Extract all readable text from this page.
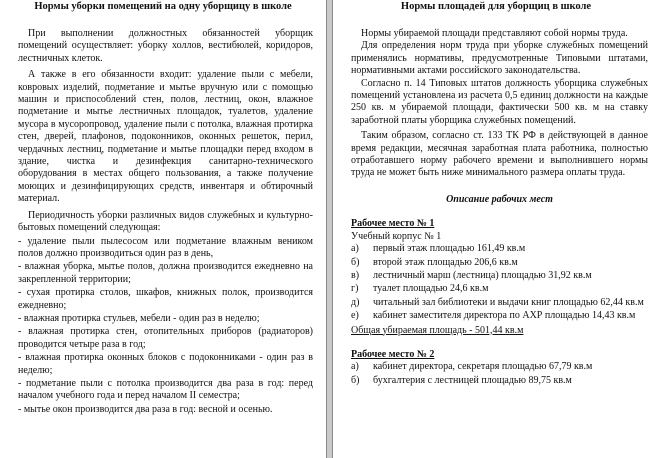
Нормы уборки помещений на одну уборщицу в школе
При выполнении должностных обязанностей уборщик помещений осуществляет: уборку холлов, вестибюлей, коридоров, лестничных клеток.
А также в его обязанности входит: удаление пыли с мебели, ковровых изделий, подметание и мытье вручную или с помощью машин и приспособлений стен, полов, лестниц, окон, влажное подметание и мытье лестничных площадок, туалетов, удаление мусора в мусоропровод, удаление пыли с потолка, влажная протирка стен, дверей, плафонов, подоконников, оконных решеток, перил, чердачных лестниц, подметание и мытье площадки перед входом в здание, чистка и дезинфекция санитарно-технического оборудования в местах общего пользования, а также получение моющих и дезинфицирующих средств, инвентаря и обтирочный материал.
Периодичность уборки различных видов служебных и культурно-бытовых помещений следующая:
- удаление пыли пылесосом или подметание влажным веником полов должно производиться один раз в день,
- влажная уборка, мытье полов, должна производится ежедневно на закрепленной территории;
- сухая протирка столов, шкафов, книжных полок, производится ежедневно;
- влажная протирка стульев, мебели - один раз в неделю;
- влажная протирка стен, отопительных приборов (радиаторов) проводится четыре раза в год;
- влажная протирка оконных блоков с подоконниками - один раз в неделю;
- подметание пыли с потолка производится два раза в год: перед началом учебного года и перед началом II семестра;
- мытье окон производится два раза в год: весной и осенью.
Нормы площадей для уборщиц в школе
Нормы убираемой площади представляют собой нормы труда.
Для определения норм труда при уборке служебных помещений применялись нормативы, предусмотренные Типовыми штатами, нормативными актами российского законодательства.
Согласно п. 14 Типовых штатов должность уборщика служебных помещений установлена из расчета 0,5 единиц должности на каждые 250 кв. м убираемой площади, фактически 500 кв. м на ставку заработной платы уборщика служебных помещений.
Таким образом, согласно ст. 133 ТК РФ в действующей в данное время редакции, месячная заработная плата работника, полностью отработавшего норму рабочего времени и выполнившего нормы труда не может быть ниже минимального размера оплаты труда.
Описание рабочих мест
Рабочее место № 1
Учебный корпус № 1
а)	первый этаж площадью 161,49 кв.м
б)	второй этаж площадью 206,6 кв.м
в)	лестничный марш (лестница) площадью 31,92 кв.м
г)	туалет площадью 24,6 кв.м
д)	читальный зал библиотеки и выдачи книг площадью 62,44 кв.м
е)	кабинет заместителя директора по АХР площадью 14,43 кв.м
Общая убираемая площадь - 501,44 кв.м
Рабочее место № 2
а)	кабинет директора, секретаря площадью 67,79 кв.м
б)	бухгалтерия с лестницей площадью 89,75 кв.м
